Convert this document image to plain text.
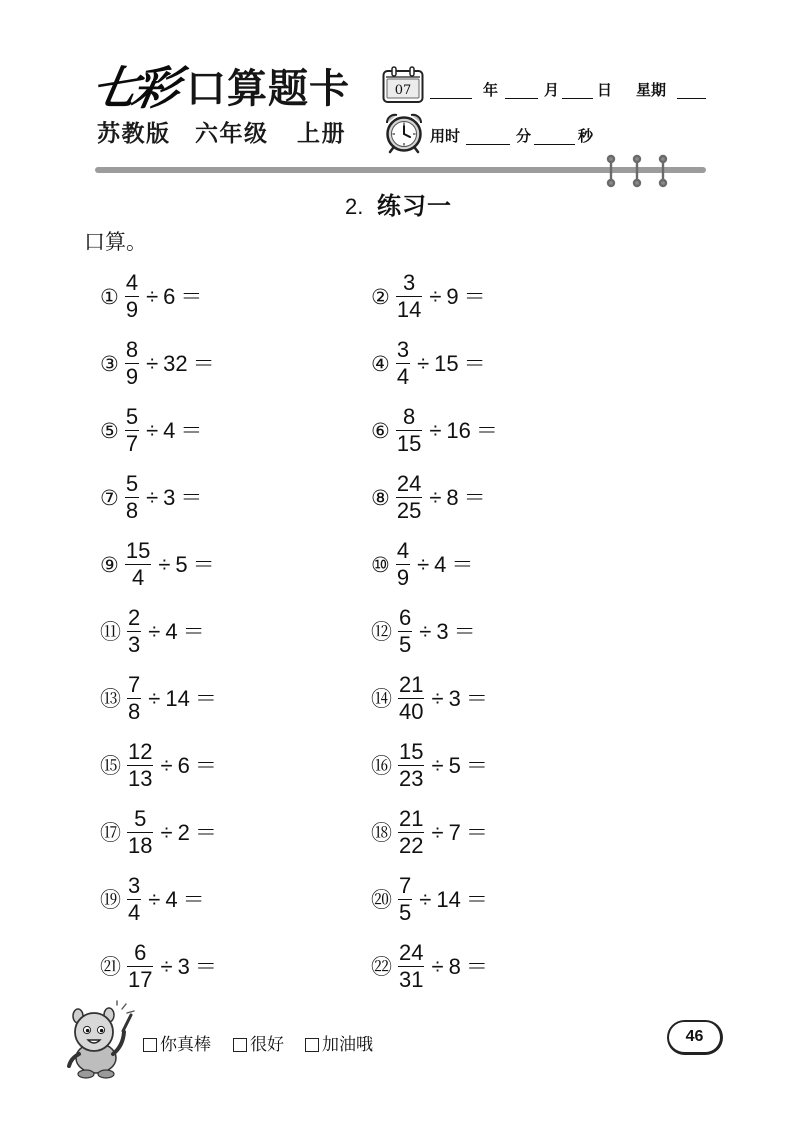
七彩 口算题卡
苏教版 六年级 上册
07	年	月	日 星期
用时	分	秒
2. 练习一
口算。
① $\frac{4}{9} \div 6$ ＝	② $\frac{3}{14} \div 9$ ＝
③ $\frac{8}{9} \div 32$ ＝	④ $\frac{3}{4} \div 15$ ＝
⑤ $\frac{5}{7} \div 4$ ＝	⑥ $\frac{8}{15} \div 16$ ＝
⑦ $\frac{5}{8} \div 3$ ＝	⑧ $\frac{24}{25} \div 8$ ＝
⑨ $\frac{15}{4} \div 5$ ＝	⑩ $\frac{4}{9} \div 4$ ＝
⑪ $\frac{2}{3} \div 4$ ＝	⑫ $\frac{6}{5} \div 3$ ＝
⑬ $\frac{7}{8} \div 14$ ＝	⑭ $\frac{21}{40} \div 3$ ＝
⑮ $\frac{12}{13} \div 6$ ＝	⑯ $\frac{15}{23} \div 5$ ＝
⑰ $\frac{5}{18} \div 2$ ＝	⑱ $\frac{21}{22} \div 7$ ＝
⑲ $\frac{3}{4} \div 4$ ＝	⑳ $\frac{7}{5} \div 14$ ＝
㉑ $\frac{6}{17} \div 3$ ＝	㉒ $\frac{24}{31} \div 8$ ＝
你真棒 很好 加油哦	46
